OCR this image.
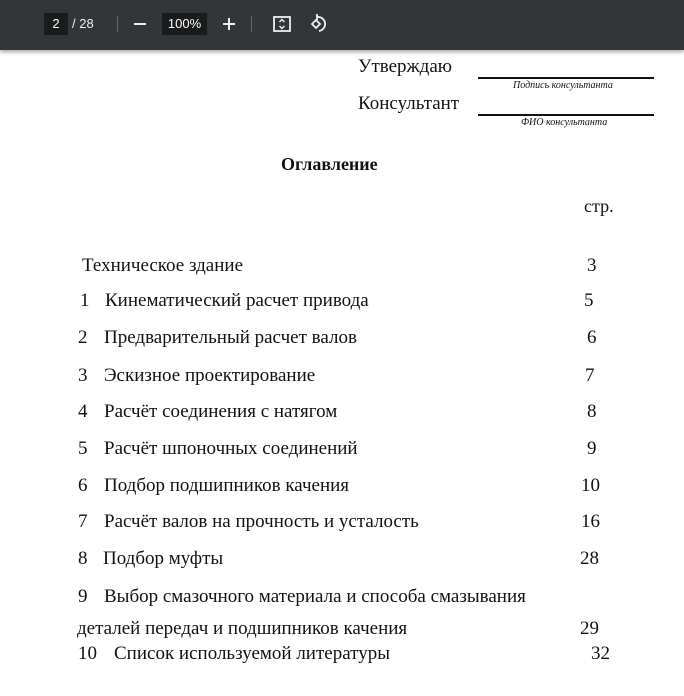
2 / 28	100%
Утверждаю
Подпись консультанта
Консультант
ФИО консультанта
Оглавление
стр.
Техническое здание	3
1 Кинематический расчет привода	5
2 Предварительный расчет валов	6
3 Эскизное проектирование	7
4 Расчёт соединения с натягом	8
5 Расчёт шпоночных соединений	9
6 Подбор подшипников качения	10
7 Расчёт валов на прочность и усталость	16
8 Подбор муфты	28
9 Выбор смазочного материала и способа смазывания
деталей передач и подшипников качения	29
10 Список используемой литературы	32
